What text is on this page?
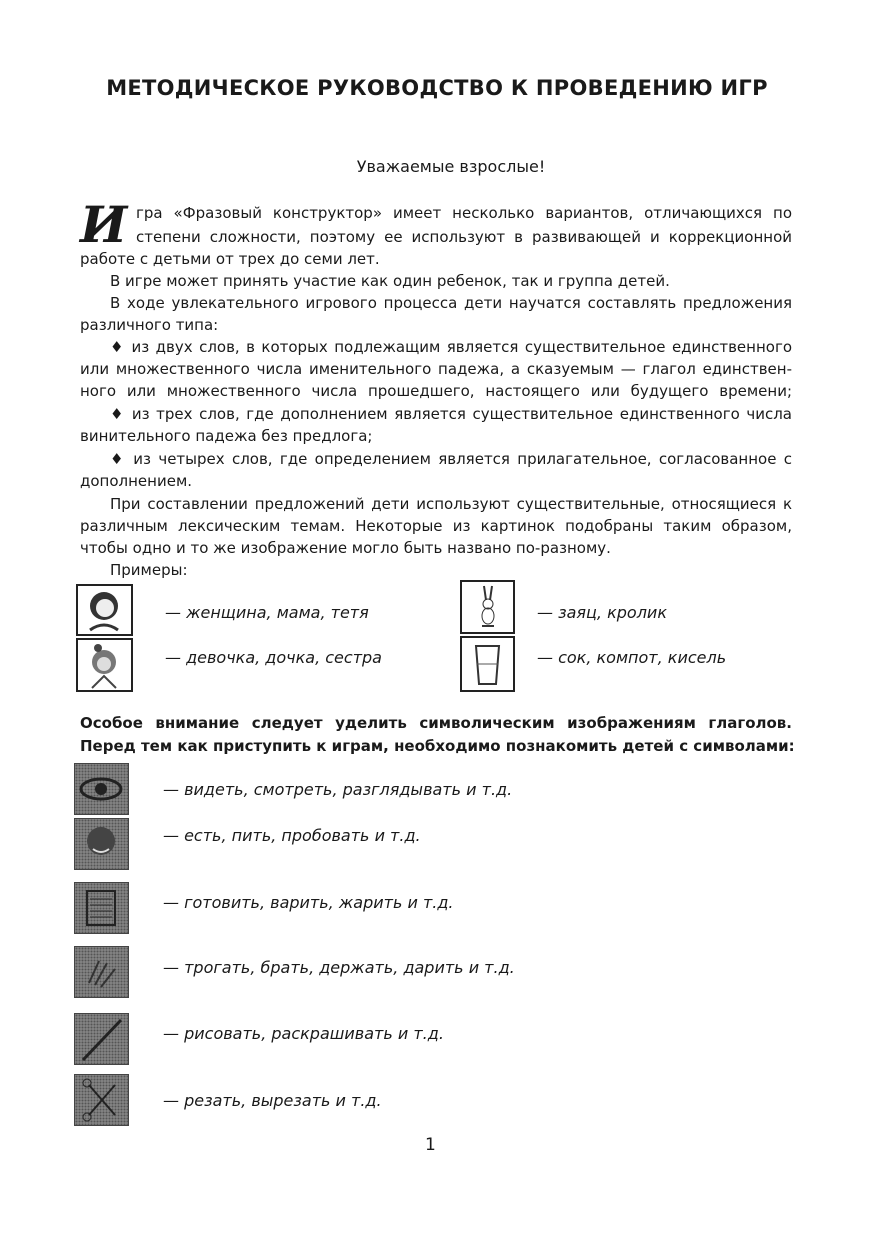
МЕТОДИЧЕСКОЕ РУКОВОДСТВО К ПРОВЕДЕНИЮ ИГР
Уважаемые взрослые!
И гра «Фразовый конструктор» имеет несколько вариантов, отличающихся по
степени сложности, поэтому ее используют в развивающей и коррекционной
работе с детьми от трех до семи лет.
В игре может принять участие как один ребенок, так и группа детей.
В ходе увлекательного игрового процесса дети научатся составлять предложения
различного типа:
♦ из двух слов, в которых подлежащим является существительное единственного
или множественного числа именительного падежа, а сказуемым — глагол единствен-
ного или множественного числа прошедшего, настоящего или будущего времени;
♦ из трех слов, где дополнением является существительное единственного числа
винительного падежа без предлога;
♦ из четырех слов, где определением является прилагательное, согласованное с
дополнением.
При составлении предложений дети используют существительные, относящиеся к
различным лексическим темам. Некоторые из картинок подобраны таким образом,
чтобы одно и то же изображение могло быть названо по-разному.
Примеры:
— женщина, мама, тетя	— заяц, кролик
— девочка, дочка, сестра	— сок, компот, кисель
Особое внимание следует уделить символическим изображениям глаголов.
Перед тем как приступить к играм, необходимо познакомить детей с символами:
— видеть, смотреть, разглядывать и т.д.
— есть, пить, пробовать и т.д.
— готовить, варить, жарить и т.д.
— трогать, брать, держать, дарить и т.д.
— рисовать, раскрашивать и т.д.
— резать, вырезать и т.д.
1
